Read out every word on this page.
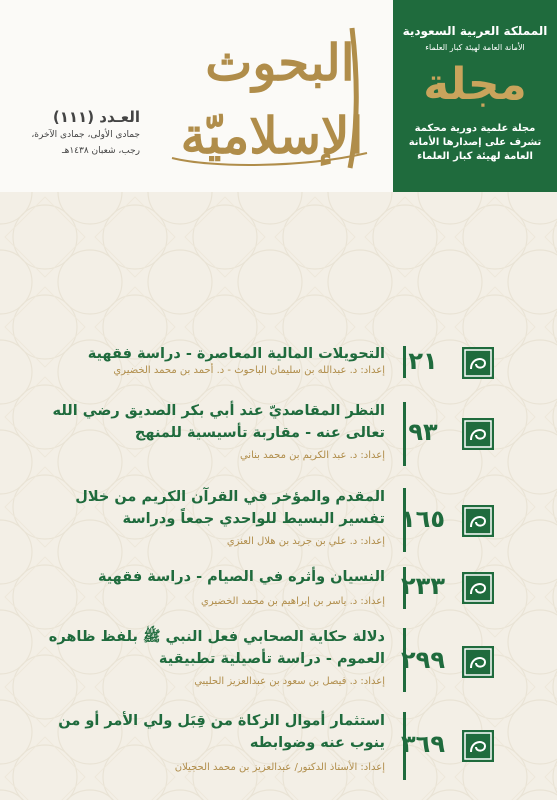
المملكة العربية السعودية
الأمانة العامة لهيئة كبار العلماء
مجلة
مجلة علمية دورية محكمة تشرف على إصدارها الأمانة العامة لهيئة كبار العلماء
البحوث
الإسلاميّة
العـدد (١١١)
جمادى الأولى، جمادى الآخرة،
رجب، شعبان ١٤٣٨هـ
٢١
التحويلات المالية المعاصرة - دراسة فقهية
إعداد: د. عبدالله بن سليمان الباحوث - د. أحمد بن محمد الخضيري
٩٣
النظر المقاصديّ عند أبي بكر الصديق رضي الله تعالى عنه - مقاربة تأسيسية للمنهج
إعداد: د. عبد الكريم بن محمد بناني
١٦٥
المقدم والمؤخر في القرآن الكريم من خلال تفسير البسيط للواحدي جمعاً ودراسة
إعداد: د. علي بن جريد بن هلال العنزي
٢٣٣
النسيان وأثره في الصيام - دراسة فقهية
إعداد: د. ياسر بن إبراهيم بن محمد الخضيري
٢٩٩
دلالة حكاية الصحابي فعل النبي ﷺ بلفظ ظاهره العموم - دراسة تأصيلية تطبيقية
إعداد: د. فيصل بن سعود بن عبدالعزيز الحليبي
٣٦٩
استثمار أموال الزكاة من قِبَل ولي الأمر أو من ينوب عنه وضوابطه
إعداد: الأستاذ الدكتور/ عبدالعزيز بن محمد الحجيلان
